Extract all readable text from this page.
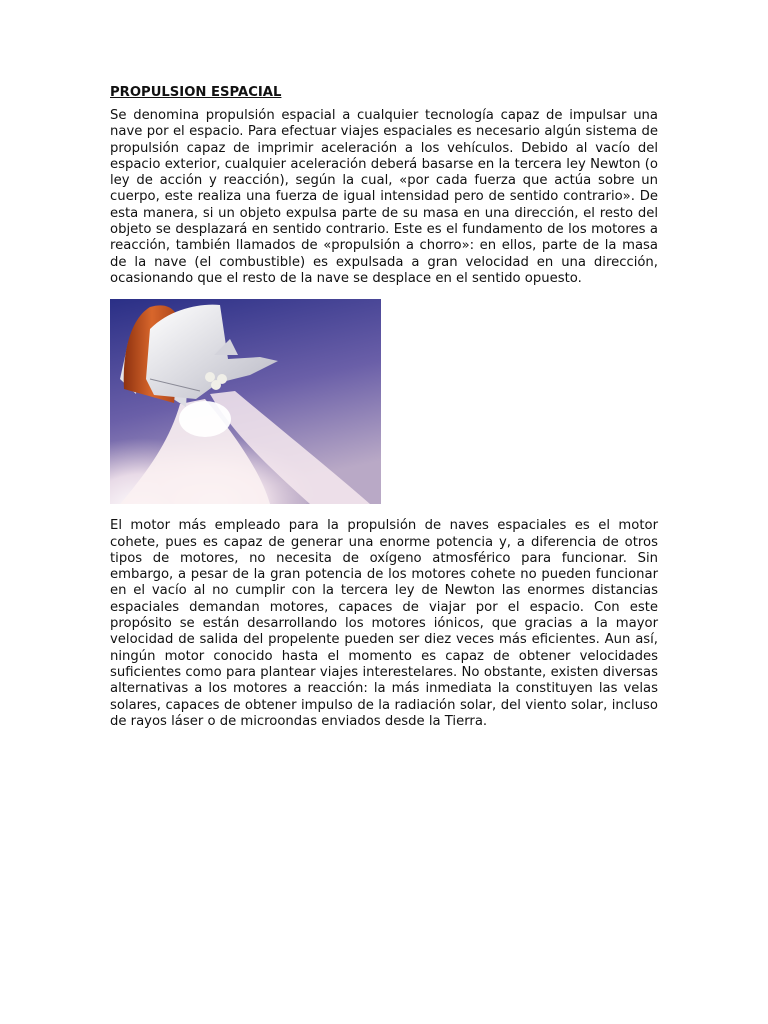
PROPULSION ESPACIAL

Se denomina propulsión espacial a cualquier tecnología capaz de impulsar una nave por el espacio. Para efectuar viajes espaciales es necesario algún sistema de propulsión capaz de imprimir aceleración a los vehículos. Debido al vacío del espacio exterior, cualquier aceleración deberá basarse en la tercera ley Newton (o ley de acción y reacción), según la cual, «por cada fuerza que actúa sobre un cuerpo, este realiza una fuerza de igual intensidad pero de sentido contrario». De esta manera, si un objeto expulsa parte de su masa en una dirección, el resto del objeto se desplazará en sentido contrario. Este es el fundamento de los motores a reacción, también llamados de «propulsión a chorro»: en ellos, parte de la masa de la nave (el combustible) es expulsada a gran velocidad en una dirección, ocasionando que el resto de la nave se desplace en el sentido opuesto.

El motor más empleado para la propulsión de naves espaciales es el motor cohete, pues es capaz de generar una enorme potencia y, a diferencia de otros tipos de motores, no necesita de oxígeno atmosférico para funcionar. Sin embargo, a pesar de la gran potencia de los motores cohete no pueden funcionar en el vacío al no cumplir con la tercera ley de Newton las enormes distancias espaciales demandan motores, capaces de viajar por el espacio. Con este propósito se están desarrollando los motores iónicos, que gracias a la mayor velocidad de salida del propelente pueden ser diez veces más eficientes. Aun así, ningún motor conocido hasta el momento es capaz de obtener velocidades suficientes como para plantear viajes interestelares. No obstante, existen diversas alternativas a los motores a reacción: la más inmediata la constituyen las velas solares, capaces de obtener impulso de la radiación solar, del viento solar, incluso de rayos láser o de microondas enviados desde la Tierra.
